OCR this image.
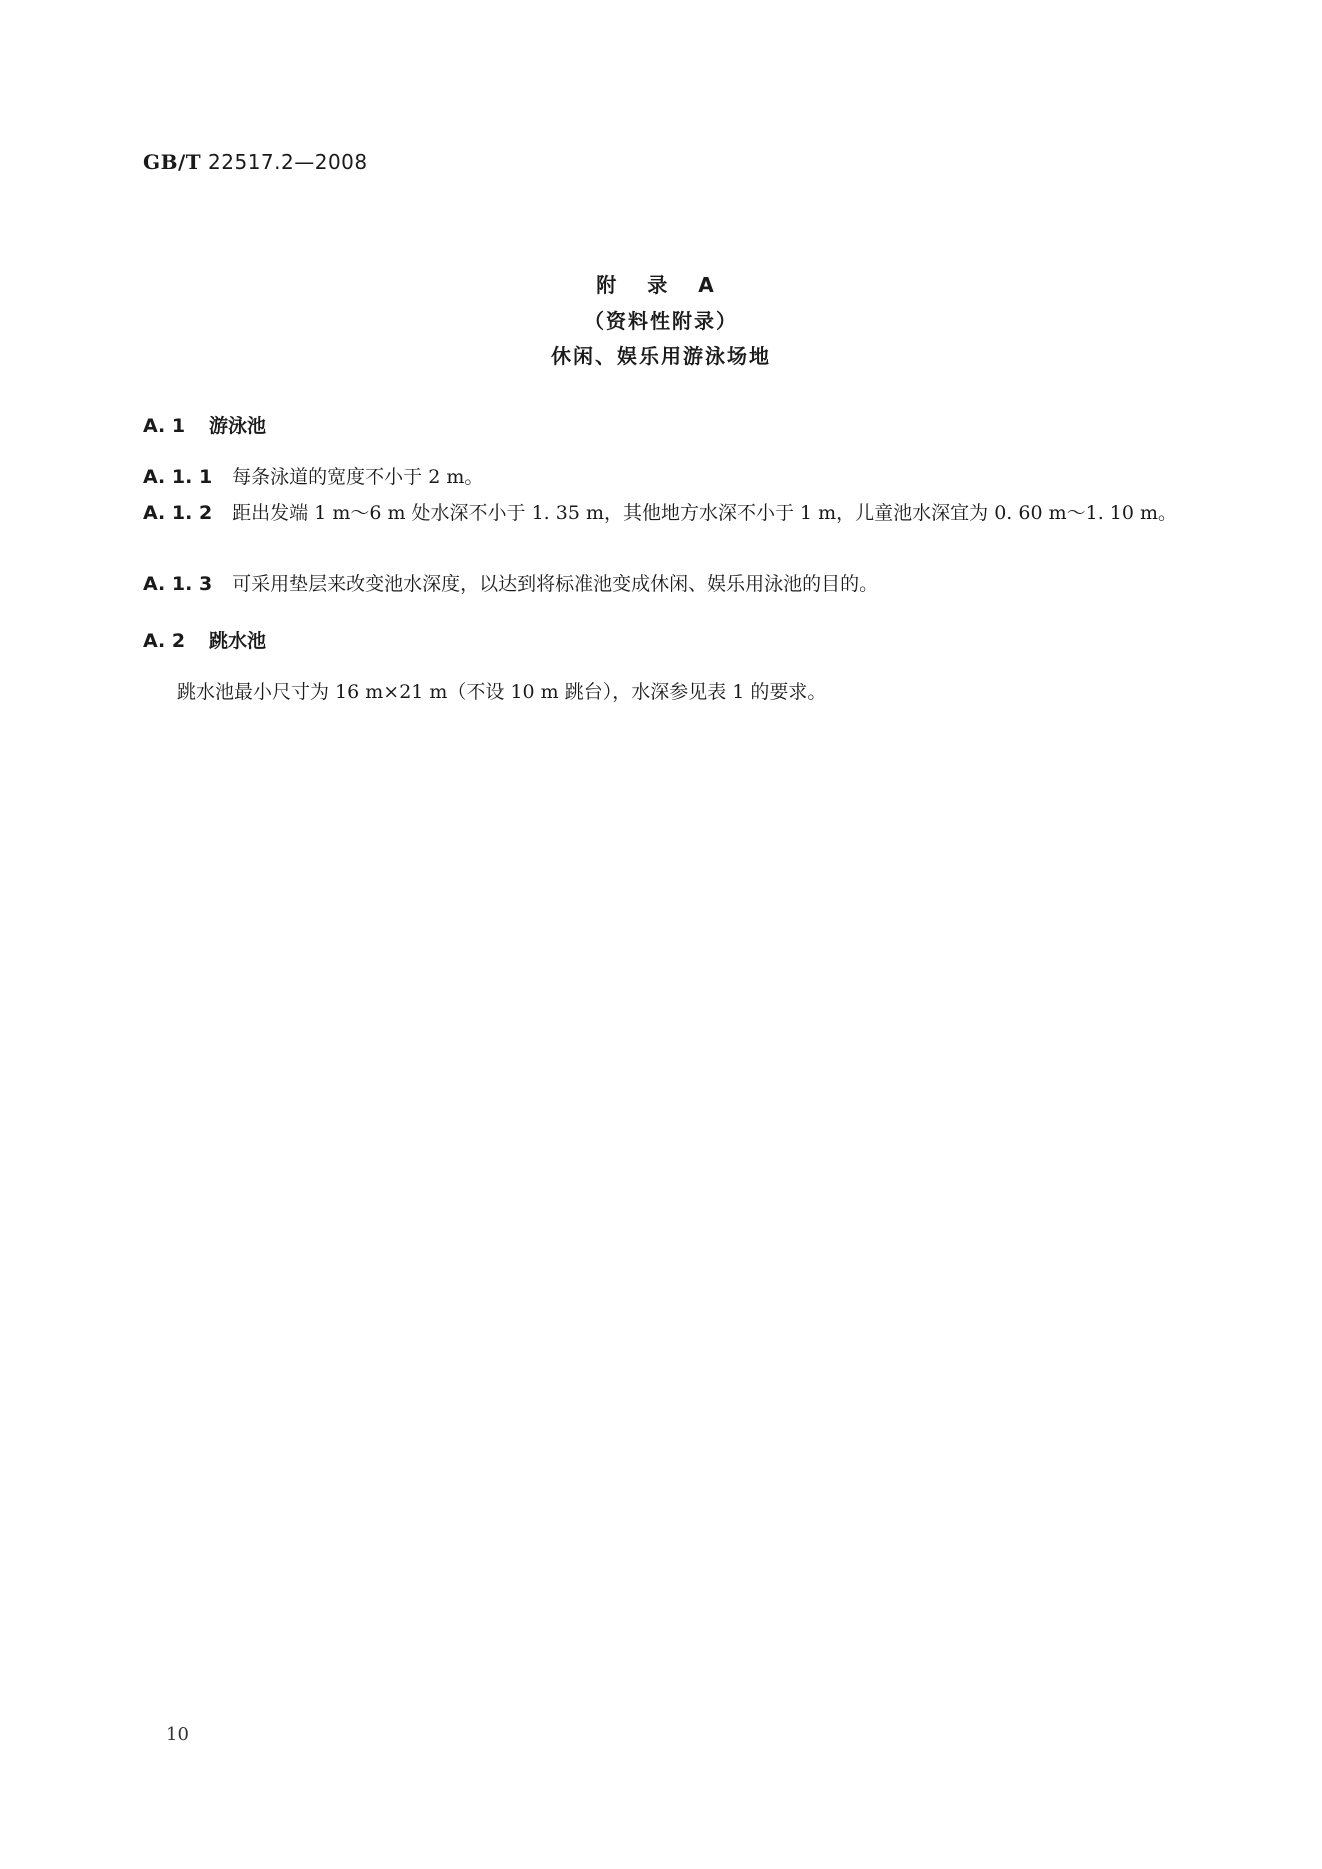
GB/T 22517.2—2008
附 录 A
（资料性附录）
休闲、娱乐用游泳场地
A. 1 游泳池
A. 1. 1 每条泳道的宽度不小于 2 m。
A. 1. 2 距出发端 1 m～6 m 处水深不小于 1. 35 m，其他地方水深不小于 1 m，儿童池水深宜为 0. 60 m～1. 10 m。
A. 1. 3 可采用垫层来改变池水深度，以达到将标准池变成休闲、娱乐用泳池的目的。
A. 2 跳水池
跳水池最小尺寸为 16 m×21 m（不设 10 m 跳台），水深参见表 1 的要求。
10
